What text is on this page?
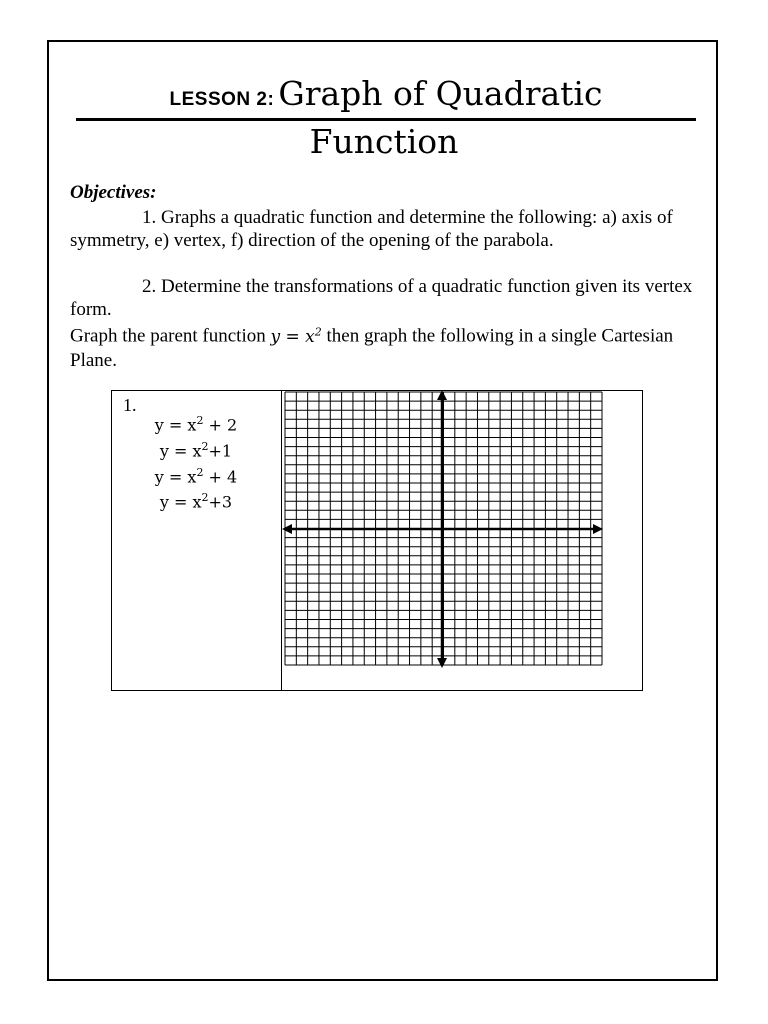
LESSON 2: Graph of Quadratic
Function
Objectives:
1. Graphs a quadratic function and determine the following: a) axis of symmetry, e) vertex, f) direction of the opening of the parabola.
2. Determine the transformations of a quadratic function given its vertex form.
Graph the parent function $y = x^2$ then graph the following in a single Cartesian Plane.
1.
$y = x^2 + 2$
$y = x^2+1$
$y = x^2 + 4$
$y = x^2+3$
